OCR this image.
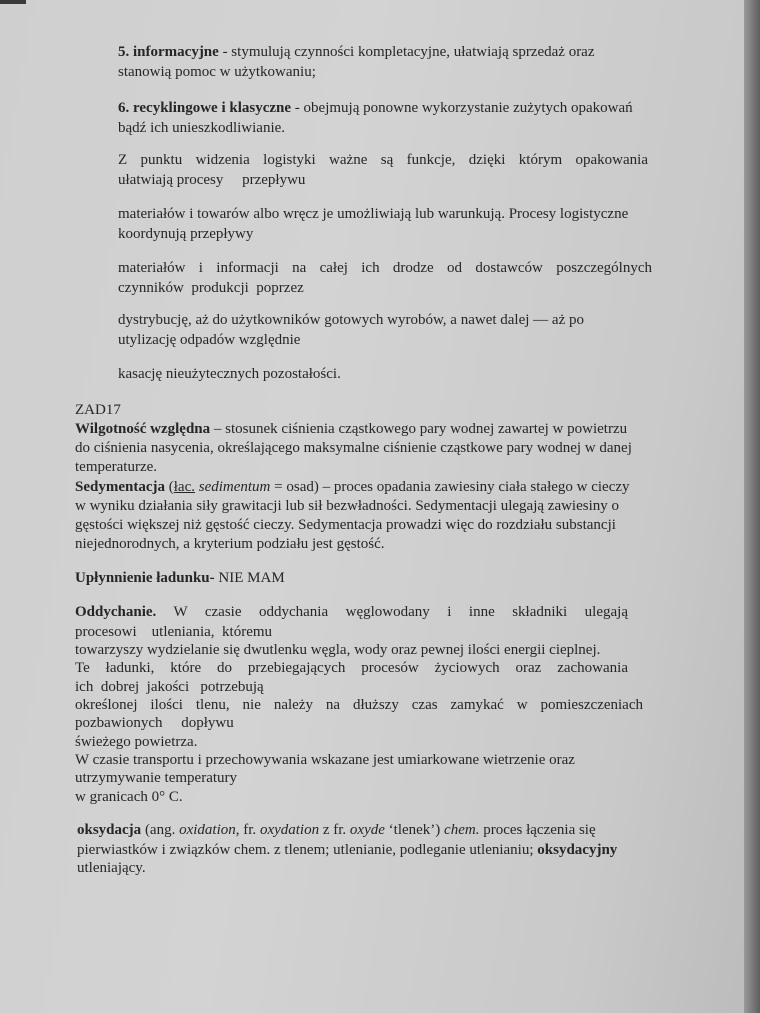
5. informacyjne - stymulują czynności kompletacyjne, ułatwiają sprzedaż oraz
stanowią pomoc w użytkowaniu;
6. recyklingowe i klasyczne - obejmują ponowne wykorzystanie zużytych opakowań
bądź ich unieszkodliwianie.
Z punktu widzenia logistyki ważne są funkcje, dzięki którym opakowania
ułatwiają procesy     przepływu
materiałów i towarów albo wręcz je umożliwiają lub warunkują. Procesy logistyczne
koordynują przepływy
materiałów i informacji na całej ich drodze od dostawców poszczególnych
czynników  produkcji  poprzez
dystrybucję, aż do użytkowników gotowych wyrobów, a nawet dalej — aż po
utylizację odpadów względnie
kasację nieużytecznych pozostałości.
ZAD17
Wilgotność względna – stosunek ciśnienia cząstkowego pary wodnej zawartej w powietrzu
do ciśnienia nasycenia, określającego maksymalne ciśnienie cząstkowe pary wodnej w danej
temperaturze.
Sedymentacja (łac. sedimentum = osad) – proces opadania zawiesiny ciała stałego w cieczy
w wyniku działania siły grawitacji lub sił bezwładności. Sedymentacji ulegają zawiesiny o
gęstości większej niż gęstość cieczy. Sedymentacja prowadzi więc do rozdziału substancji
niejednorodnych, a kryterium podziału jest gęstość.
Upłynnienie ładunku- NIE MAM
Oddychanie. W czasie oddychania węglowodany i inne składniki ulegają
procesowi    utleniania,  któremu
towarzyszy wydzielanie się dwutlenku węgla, wody oraz pewnej ilości energii cieplnej.
Te ładunki, które do przebiegających procesów życiowych oraz zachowania
ich  dobrej  jakości   potrzebują
określonej ilości tlenu, nie należy na dłuższy czas zamykać w pomieszczeniach
pozbawionych     dopływu
świeżego powietrza.
W czasie transportu i przechowywania wskazane jest umiarkowane wietrzenie oraz
utrzymywanie temperatury
w granicach 0° C.
oksydacja (ang. oxidation, fr. oxydation z fr. oxyde ‘tlenek’) chem. proces łączenia się
pierwiastków i związków chem. z tlenem; utlenianie, podleganie utlenianiu; oksydacyjny
utleniający.
